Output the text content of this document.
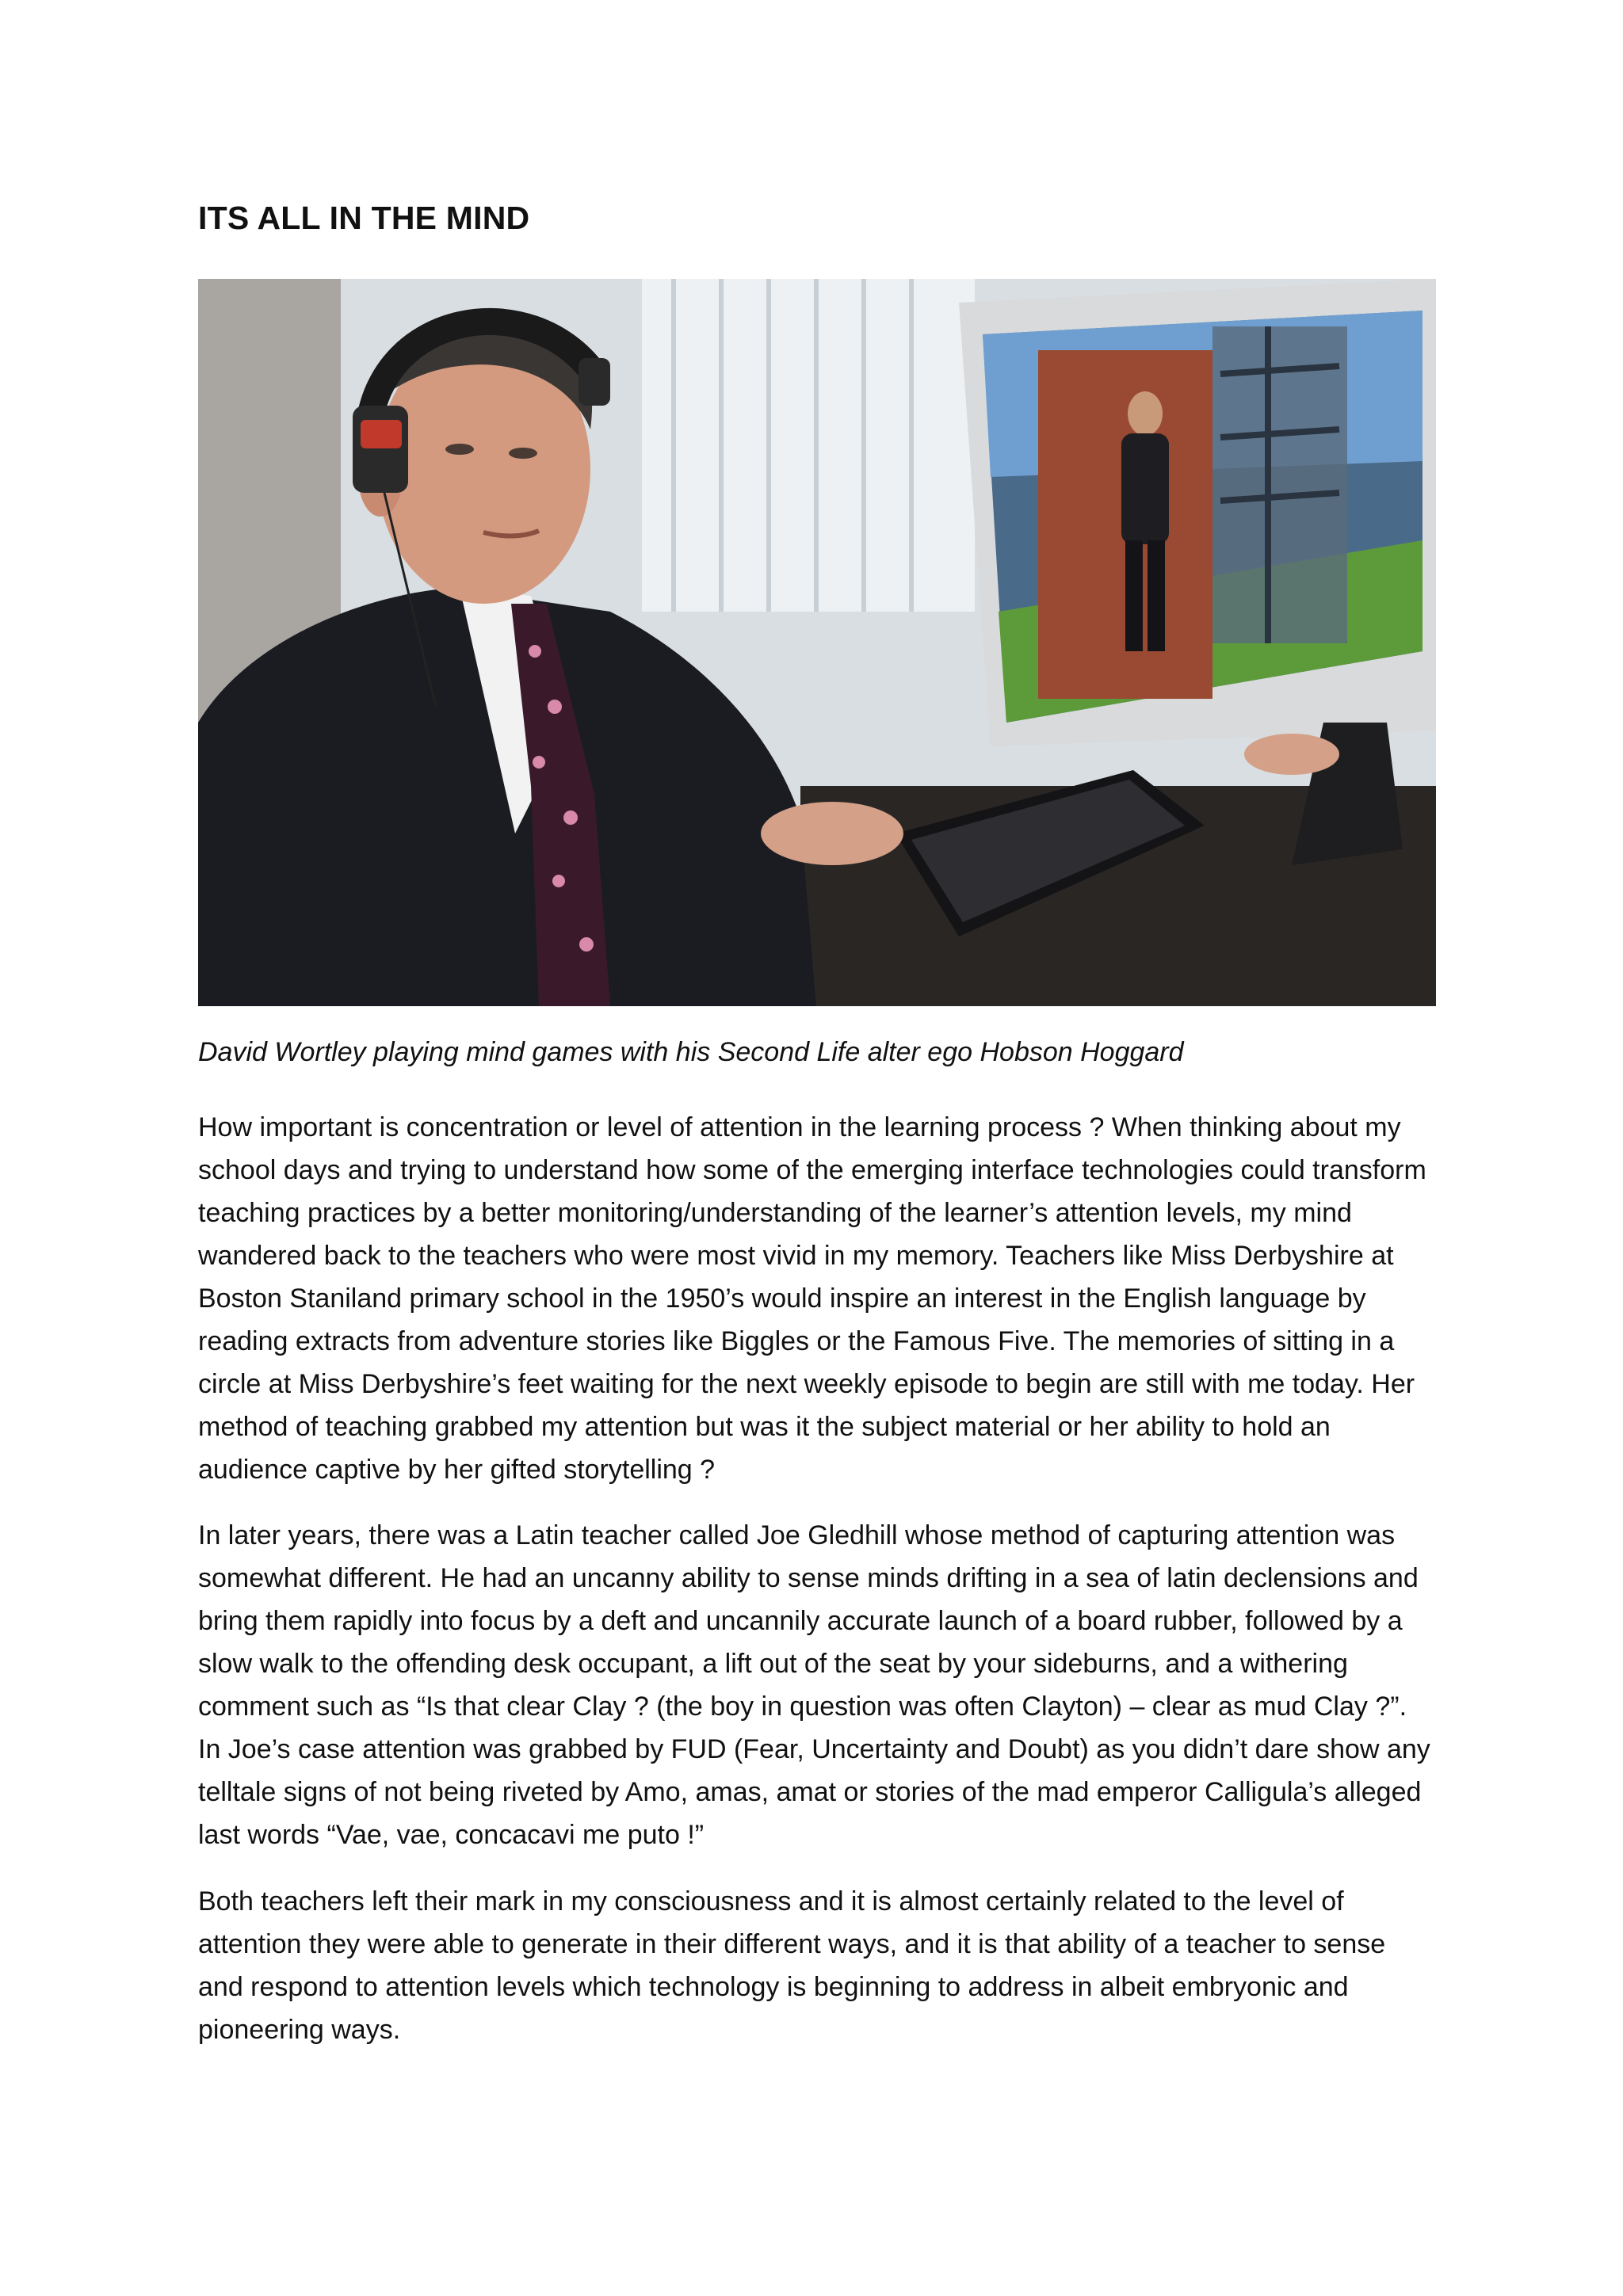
ITS ALL IN THE MIND

David Wortley playing mind games with his Second Life alter ego Hobson Hoggard

How important is concentration or level of attention in the learning process ? When thinking about my school days and trying to understand how some of the emerging interface technologies could transform teaching practices by a better monitoring/understanding of the learner’s attention levels, my mind wandered back to the teachers who were most vivid in my memory. Teachers like Miss Derbyshire at Boston Staniland primary school in the 1950’s would inspire an interest in the English language by reading extracts from adventure stories like Biggles or the Famous Five. The memories of sitting in a circle at Miss Derbyshire’s feet waiting for the next weekly episode to begin are still with me today. Her method of teaching grabbed my attention but was it the subject material or her ability to hold an audience captive by her gifted storytelling ?

In later years, there was a Latin teacher called Joe Gledhill whose method of capturing attention was somewhat different. He had an uncanny ability to sense minds drifting in a sea of latin declensions and bring them rapidly into focus by a deft and uncannily accurate launch of a board rubber, followed by a slow walk to the offending desk occupant, a lift out of the seat by your sideburns, and a withering comment such as “Is that clear Clay ? (the boy in question was often Clayton) – clear as mud Clay ?”. In Joe’s case attention was grabbed by FUD (Fear, Uncertainty and Doubt) as you didn’t dare show any telltale signs of not being riveted by Amo, amas, amat or stories of the mad emperor Calligula’s alleged last words “Vae, vae, concacavi me puto !”

Both teachers left their mark in my consciousness and it is almost certainly related to the level of attention they were able to generate in their different ways, and it is that ability of a teacher to sense and respond to attention levels which technology is beginning to address in albeit embryonic and pioneering ways.
